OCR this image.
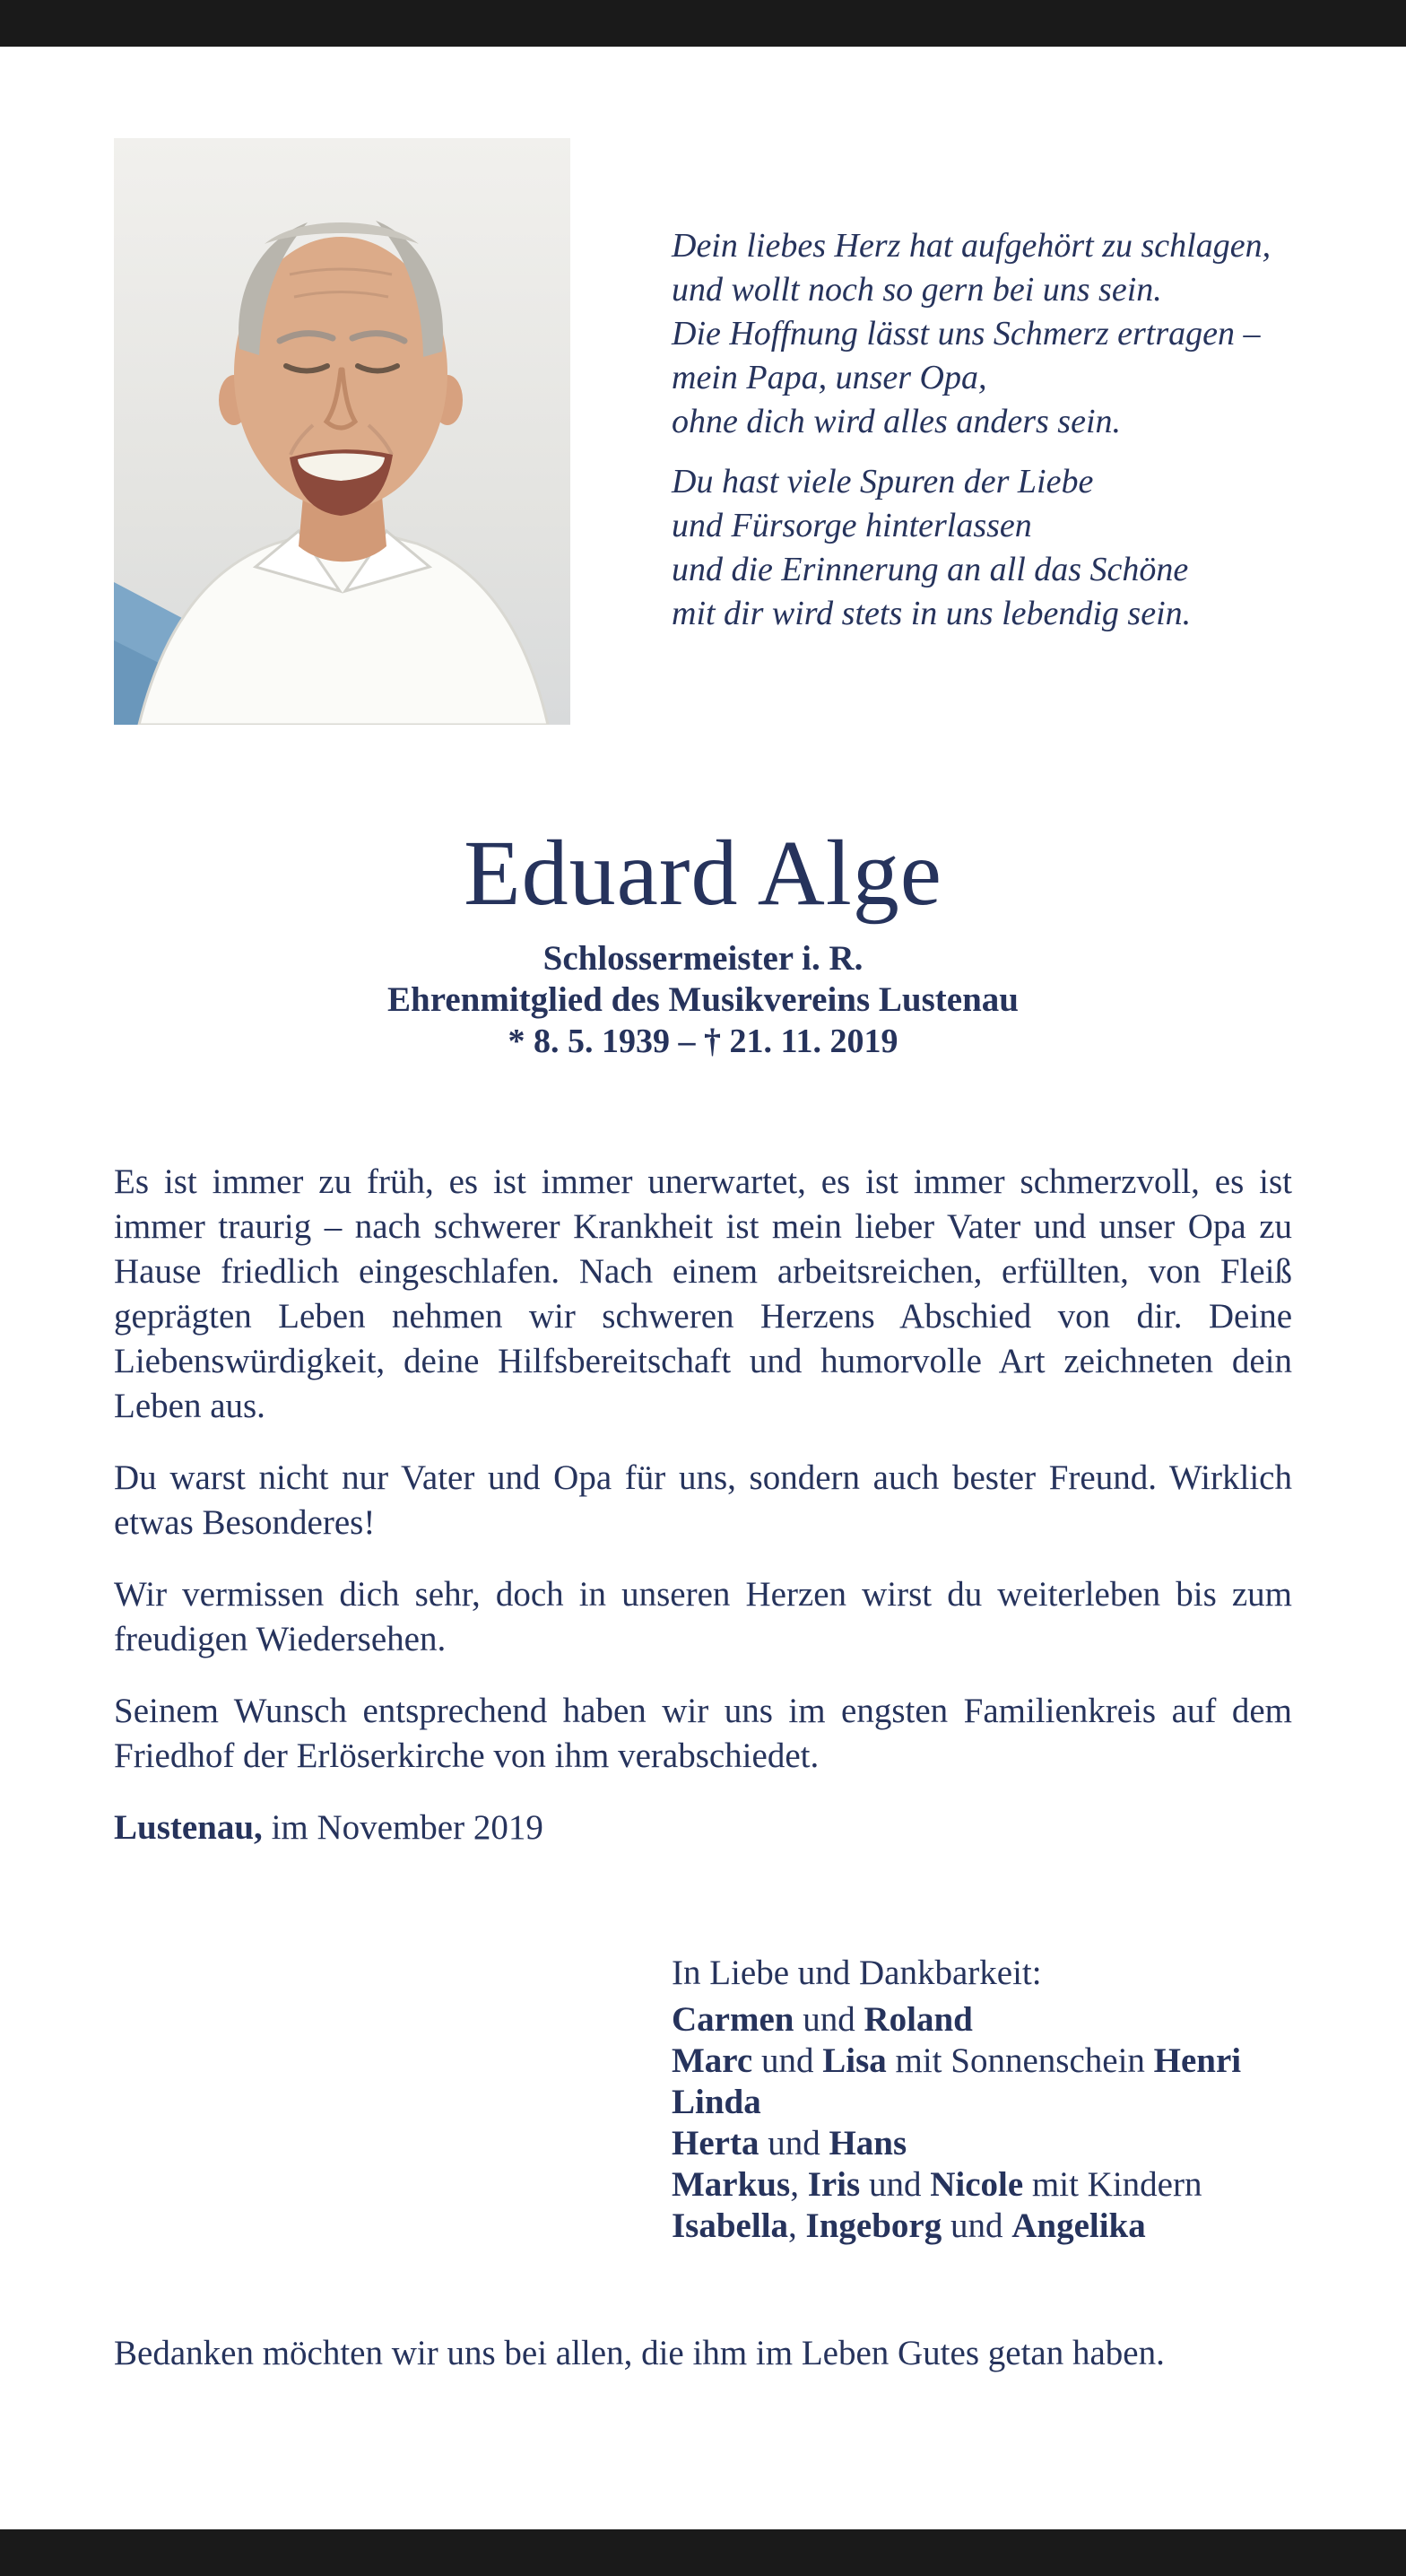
Dein liebes Herz hat aufgehört zu schlagen,
und wollt noch so gern bei uns sein.
Die Hoffnung lässt uns Schmerz ertragen –
mein Papa, unser Opa,
ohne dich wird alles anders sein.
Du hast viele Spuren der Liebe
und Fürsorge hinterlassen
und die Erinnerung an all das Schöne
mit dir wird stets in uns lebendig sein.
Eduard Alge
Schlossermeister i. R.
Ehrenmitglied des Musikvereins Lustenau
* 8. 5. 1939 – † 21. 11. 2019

Es ist immer zu früh, es ist immer unerwartet, es ist immer schmerzvoll, es ist immer traurig – nach schwerer Krankheit ist mein lieber Vater und unser Opa zu Hause friedlich eingeschlafen. Nach einem arbeitsreichen, erfüllten, von Fleiß geprägten Leben nehmen wir schweren Herzens Abschied von dir. Deine Liebenswürdigkeit, deine Hilfsbereitschaft und humorvolle Art zeichneten dein Leben aus.

Du warst nicht nur Vater und Opa für uns, sondern auch bester Freund. Wirklich etwas Besonderes!

Wir vermissen dich sehr, doch in unseren Herzen wirst du weiterleben bis zum freudigen Wiedersehen.

Seinem Wunsch entsprechend haben wir uns im engsten Familienkreis auf dem Friedhof der Erlöserkirche von ihm verabschiedet.

Lustenau, im November 2019
In Liebe und Dankbarkeit:
Carmen und Roland
Marc und Lisa mit Sonnenschein Henri
Linda
Herta und Hans
Markus, Iris und Nicole mit Kindern
Isabella, Ingeborg und Angelika
Bedanken möchten wir uns bei allen, die ihm im Leben Gutes getan haben.
